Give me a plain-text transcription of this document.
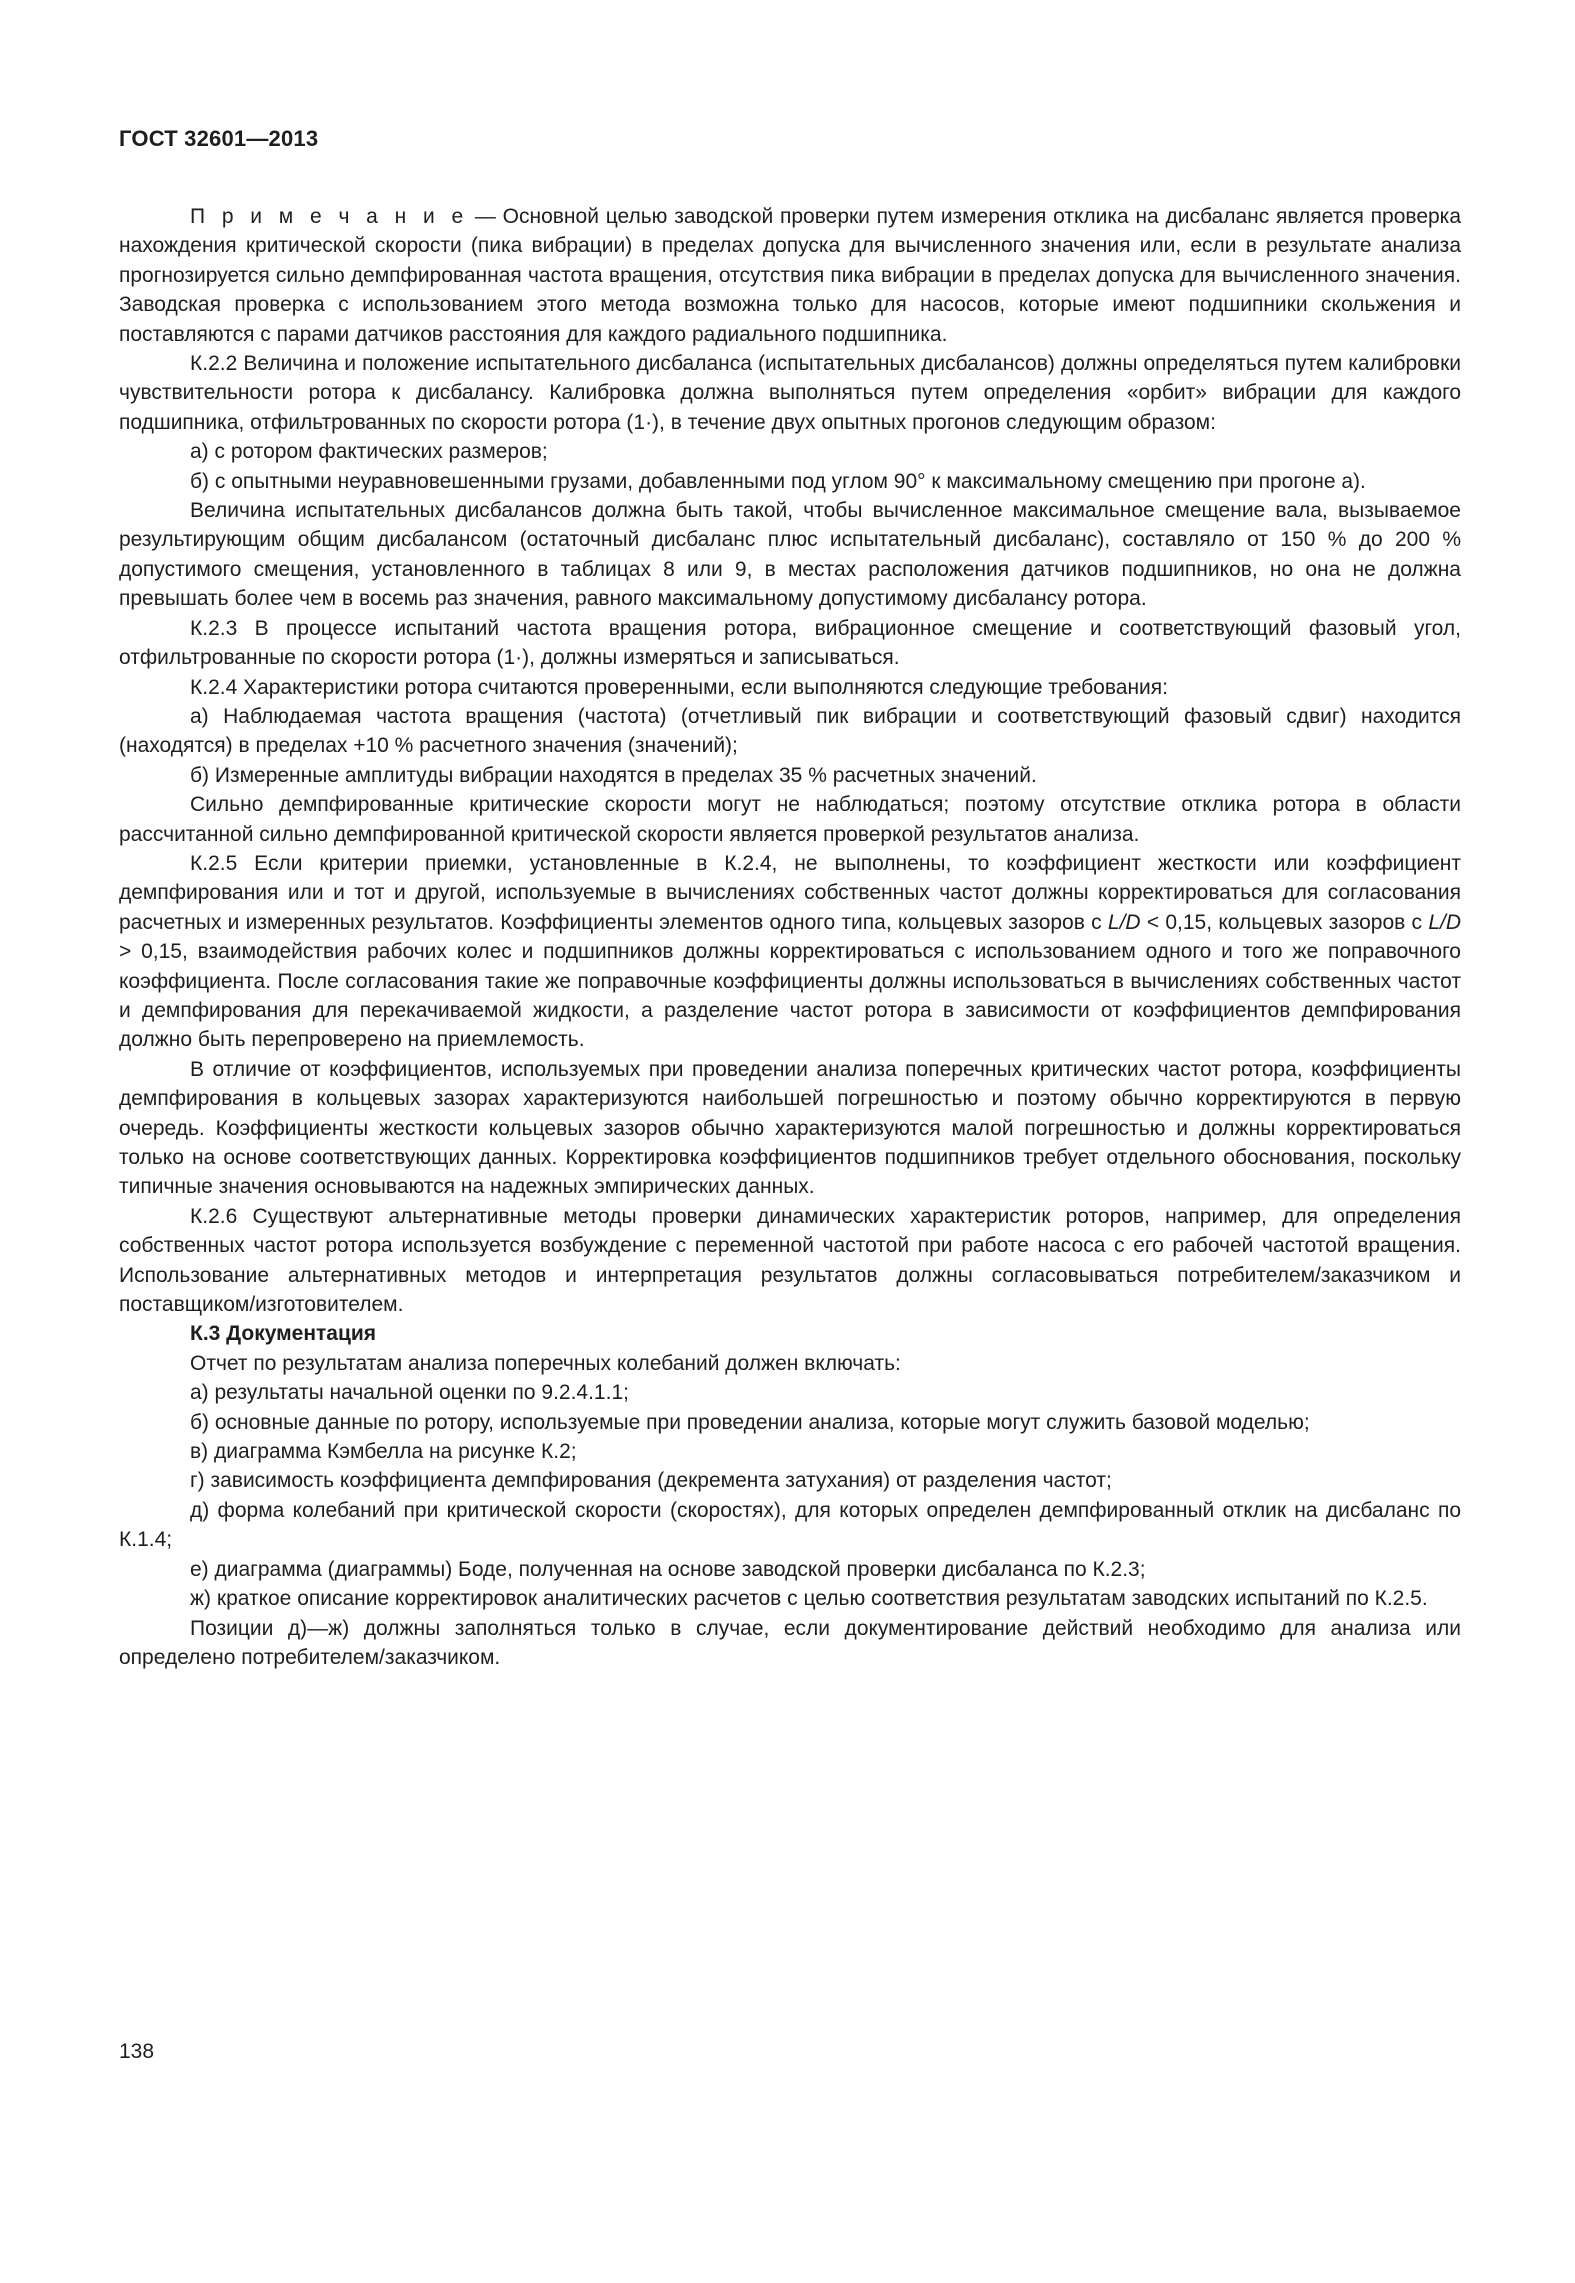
ГОСТ 32601—2013

П р и м е ч а н и е — Основной целью заводской проверки путем измерения отклика на дисбаланс является проверка нахождения критической скорости (пика вибрации) в пределах допуска для вычисленного значения или, если в результате анализа прогнозируется сильно демпфированная частота вращения, отсутствия пика вибрации в пределах допуска для вычисленного значения. Заводская проверка с использованием этого метода возможна только для насосов, которые имеют подшипники скольжения и поставляются с парами датчиков расстояния для каждого радиального подшипника.

К.2.2 Величина и положение испытательного дисбаланса (испытательных дисбалансов) должны определяться путем калибровки чувствительности ротора к дисбалансу. Калибровка должна выполняться путем определения «орбит» вибрации для каждого подшипника, отфильтрованных по скорости ротора (1·), в течение двух опытных прогонов следующим образом:

а) с ротором фактических размеров;

б) с опытными неуравновешенными грузами, добавленными под углом 90° к максимальному смещению при прогоне а).

Величина испытательных дисбалансов должна быть такой, чтобы вычисленное максимальное смещение вала, вызываемое результирующим общим дисбалансом (остаточный дисбаланс плюс испытательный дисбаланс), составляло от 150 % до 200 % допустимого смещения, установленного в таблицах 8 или 9, в местах расположения датчиков подшипников, но она не должна превышать более чем в восемь раз значения, равного максимальному допустимому дисбалансу ротора.

К.2.3 В процессе испытаний частота вращения ротора, вибрационное смещение и соответствующий фазовый угол, отфильтрованные по скорости ротора (1·), должны измеряться и записываться.

К.2.4 Характеристики ротора считаются проверенными, если выполняются следующие требования:

а) Наблюдаемая частота вращения (частота) (отчетливый пик вибрации и соответствующий фазовый сдвиг) находится (находятся) в пределах +10 % расчетного значения (значений);

б) Измеренные амплитуды вибрации находятся в пределах 35 % расчетных значений.

Сильно демпфированные критические скорости могут не наблюдаться; поэтому отсутствие отклика ротора в области рассчитанной сильно демпфированной критической скорости является проверкой результатов анализа.

К.2.5 Если критерии приемки, установленные в К.2.4, не выполнены, то коэффициент жесткости или коэффициент демпфирования или и тот и другой, используемые в вычислениях собственных частот должны корректироваться для согласования расчетных и измеренных результатов. Коэффициенты элементов одного типа, кольцевых зазоров с L/D < 0,15, кольцевых зазоров с L/D > 0,15, взаимодействия рабочих колес и подшипников должны корректироваться с использованием одного и того же поправочного коэффициента. После согласования такие же поправочные коэффициенты должны использоваться в вычислениях собственных частот и демпфирования для перекачиваемой жидкости, а разделение частот ротора в зависимости от коэффициентов демпфирования должно быть перепроверено на приемлемость.

В отличие от коэффициентов, используемых при проведении анализа поперечных критических частот ротора, коэффициенты демпфирования в кольцевых зазорах характеризуются наибольшей погрешностью и поэтому обычно корректируются в первую очередь. Коэффициенты жесткости кольцевых зазоров обычно характеризуются малой погрешностью и должны корректироваться только на основе соответствующих данных. Корректировка коэффициентов подшипников требует отдельного обоснования, поскольку типичные значения основываются на надежных эмпирических данных.

К.2.6 Существуют альтернативные методы проверки динамических характеристик роторов, например, для определения собственных частот ротора используется возбуждение с переменной частотой при работе насоса с его рабочей частотой вращения. Использование альтернативных методов и интерпретация результатов должны согласовываться потребителем/заказчиком и поставщиком/изготовителем.

К.3 Документация

Отчет по результатам анализа поперечных колебаний должен включать:

а) результаты начальной оценки по 9.2.4.1.1;

б) основные данные по ротору, используемые при проведении анализа, которые могут служить базовой моделью;

в) диаграмма Кэмбелла на рисунке К.2;

г) зависимость коэффициента демпфирования (декремента затухания) от разделения частот;

д) форма колебаний при критической скорости (скоростях), для которых определен демпфированный отклик на дисбаланс по К.1.4;

е) диаграмма (диаграммы) Боде, полученная на основе заводской проверки дисбаланса по К.2.3;

ж) краткое описание корректировок аналитических расчетов с целью соответствия результатам заводских испытаний по К.2.5.

Позиции д)—ж) должны заполняться только в случае, если документирование действий необходимо для анализа или определено потребителем/заказчиком.

138
